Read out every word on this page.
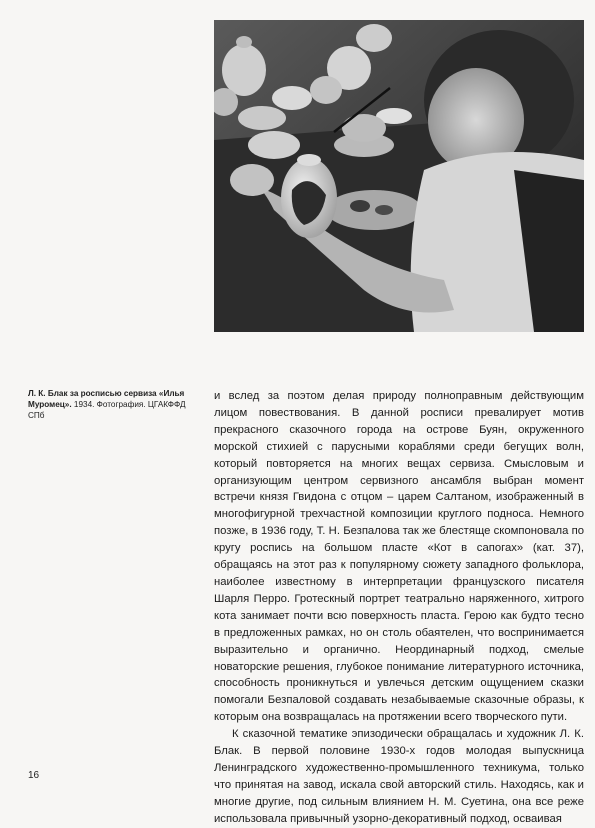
Л. К. Блак за росписью сервиза «Илья Муромец». 1934. Фотография. ЦГАКФФД СПб

и вслед за поэтом делая природу полноправным действующим лицом повествования. В данной росписи превалирует мотив прекрасного сказочного города на острове Буян, окруженного морской стихией с парусными кораблями среди бегущих волн, который повторяется на многих вещах сервиза. Смысловым и организующим центром сервизного ансамбля выбран момент встречи князя Гвидона с отцом – царем Салтаном, изображенный в многофигурной трехчастной композиции круглого подноса. Немного позже, в 1936 году, Т. Н. Безпалова так же блестяще скомпоновала по кругу роспись на большом пласте «Кот в сапогах» (кат. 37), обращаясь на этот раз к популярному сюжету западного фольклора, наиболее известному в интерпретации французского писателя Шарля Перро. Гротескный портрет театрально наряженного, хитрого кота занимает почти всю поверхность пласта. Герою как будто тесно в предложенных рамках, но он столь обаятелен, что воспринимается выразительно и органично. Неординарный подход, смелые новаторские решения, глубокое понимание литературного источника, способность проникнуться и увлечься детским ощущением сказки помогали Безпаловой создавать незабываемые сказочные образы, к которым она возвращалась на протяжении всего творческого пути.

К сказочной тематике эпизодически обращалась и художник Л. К. Блак. В первой половине 1930-х годов молодая выпускница Ленинградского художественно-промышленного техникума, только что принятая на завод, искала свой авторский стиль. Находясь, как и многие другие, под сильным влиянием Н. М. Суетина, она все реже использовала привычный узорно-декоративный подход, осваивая

16
